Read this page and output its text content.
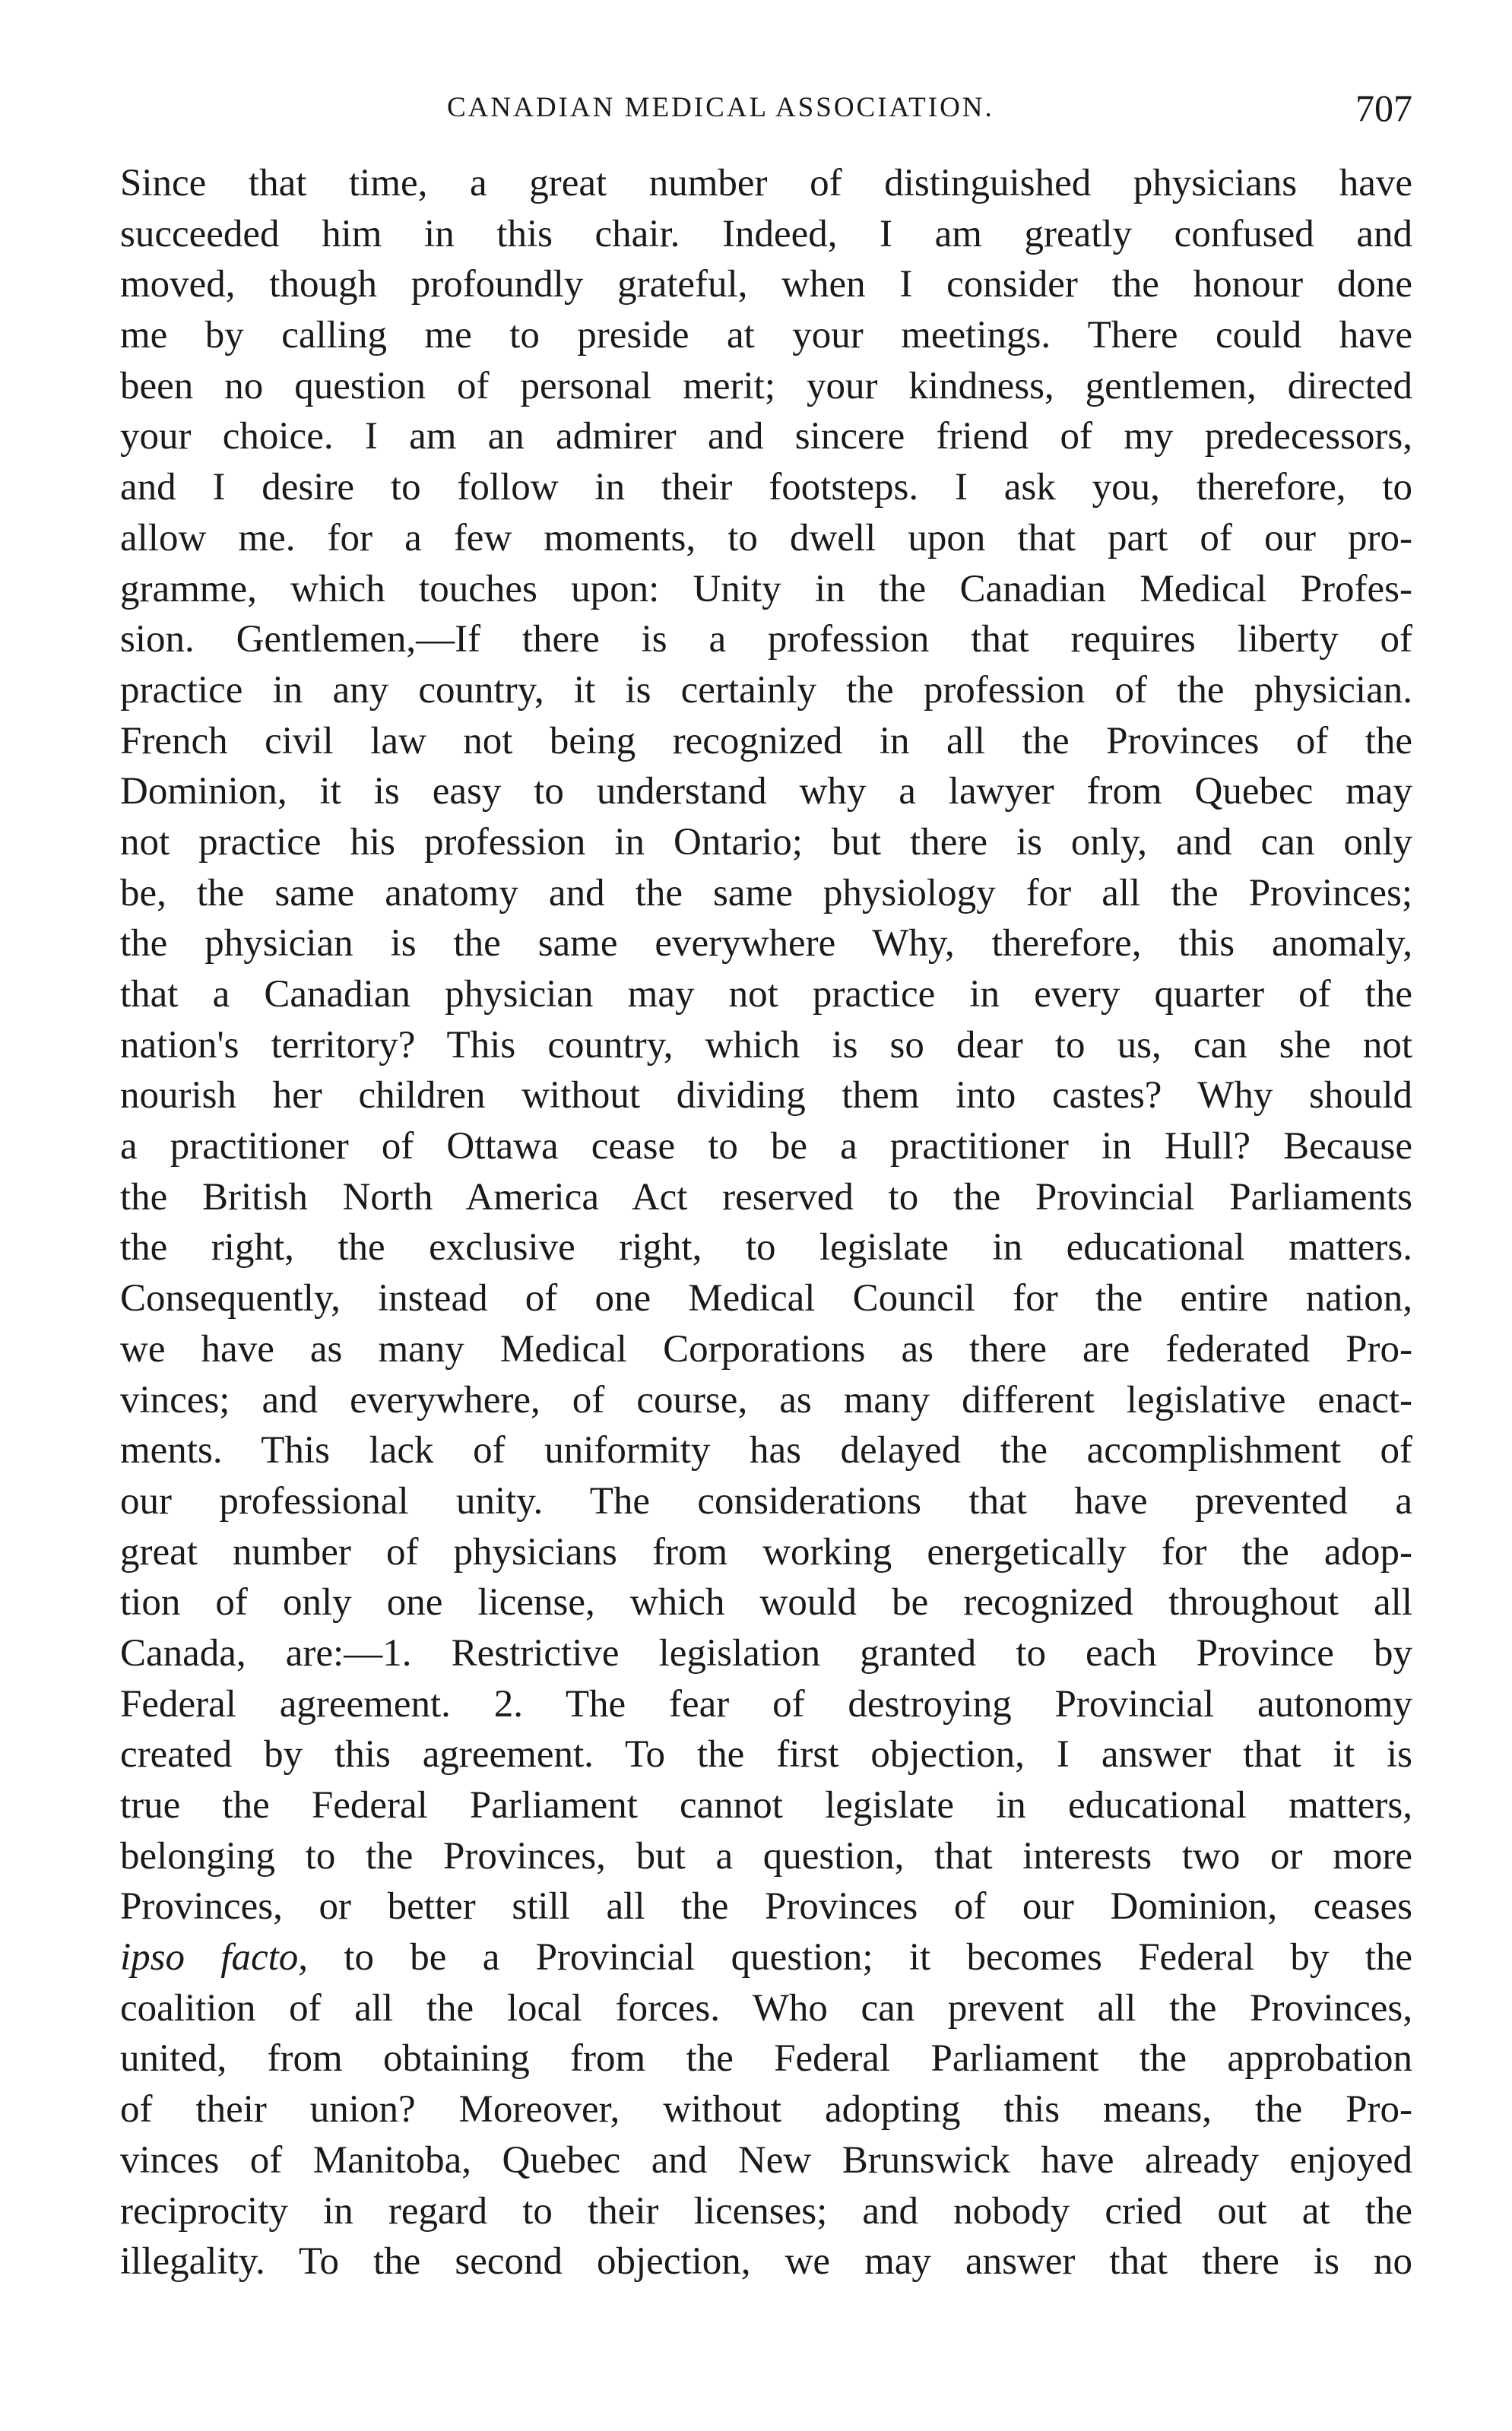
CANADIAN MEDICAL ASSOCIATION.	707
Since that time, a great number of distinguished physicians have
succeeded him in this chair. Indeed, I am greatly confused and
moved, though profoundly grateful, when I consider the honour done
me by calling me to preside at your meetings. There could have
been no question of personal merit; your kindness, gentlemen, directed
your choice. I am an admirer and sincere friend of my predecessors,
and I desire to follow in their footsteps. I ask you, therefore, to
allow me. for a few moments, to dwell upon that part of our pro-
gramme, which touches upon: Unity in the Canadian Medical Profes-
sion. Gentlemen,—If there is a profession that requires liberty of
practice in any country, it is certainly the profession of the physician.
French civil law not being recognized in all the Provinces of the
Dominion, it is easy to understand why a lawyer from Quebec may
not practice his profession in Ontario; but there is only, and can only
be, the same anatomy and the same physiology for all the Provinces;
the physician is the same everywhere Why, therefore, this anomaly,
that a Canadian physician may not practice in every quarter of the
nation's territory? This country, which is so dear to us, can she not
nourish her children without dividing them into castes? Why should
a practitioner of Ottawa cease to be a practitioner in Hull? Because
the British North America Act reserved to the Provincial Parliaments
the right, the exclusive right, to legislate in educational matters.
Consequently, instead of one Medical Council for the entire nation,
we have as many Medical Corporations as there are federated Pro-
vinces; and everywhere, of course, as many different legislative enact-
ments. This lack of uniformity has delayed the accomplishment of
our professional unity. The considerations that have prevented a
great number of physicians from working energetically for the adop-
tion of only one license, which would be recognized throughout all
Canada, are:—1. Restrictive legislation granted to each Province by
Federal agreement. 2. The fear of destroying Provincial autonomy
created by this agreement. To the first objection, I answer that it is
true the Federal Parliament cannot legislate in educational matters,
belonging to the Provinces, but a question, that interests two or more
Provinces, or better still all the Provinces of our Dominion, ceases
ipso facto, to be a Provincial question; it becomes Federal by the
coalition of all the local forces. Who can prevent all the Provinces,
united, from obtaining from the Federal Parliament the approbation
of their union? Moreover, without adopting this means, the Pro-
vinces of Manitoba, Quebec and New Brunswick have already enjoyed
reciprocity in regard to their licenses; and nobody cried out at the
illegality. To the second objection, we may answer that there is no
